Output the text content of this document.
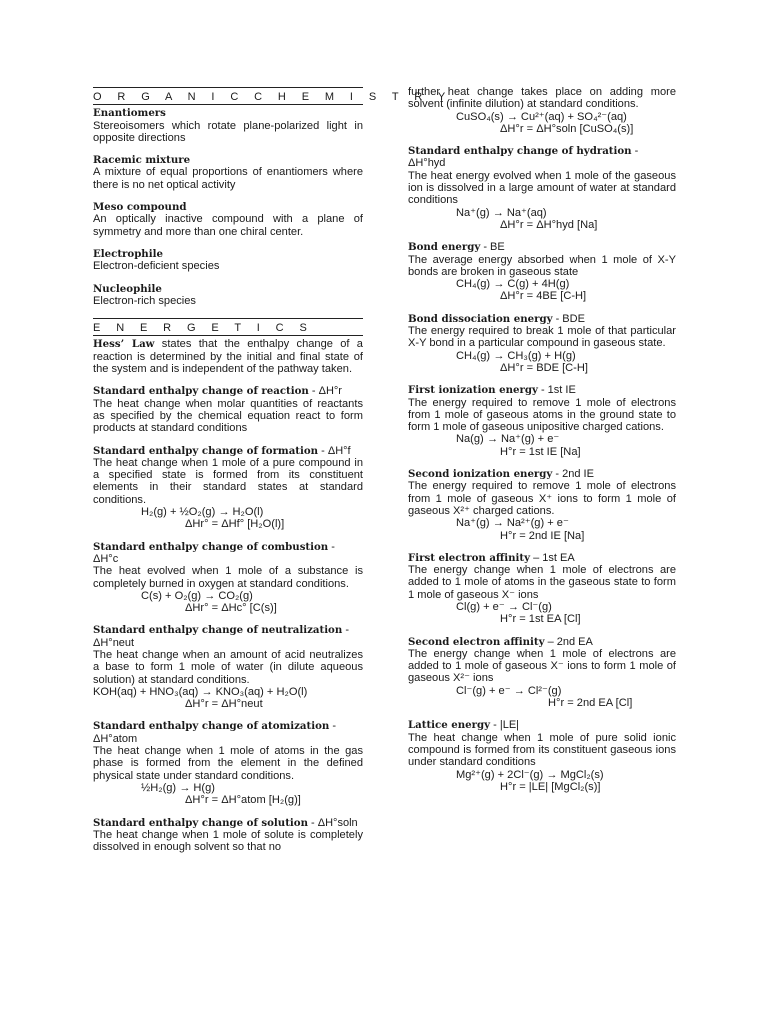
O R G A N I C C H E M I S T R Y
Enantiomers
Stereoisomers which rotate plane-polarized light in opposite directions
Racemic mixture
A mixture of equal proportions of enantiomers where there is no net optical activity
Meso compound
An optically inactive compound with a plane of symmetry and more than one chiral center.
Electrophile
Electron-deficient species
Nucleophile
Electron-rich species
E N E R G E T I C S
Hess’ Law states that the enthalpy change of a reaction is determined by the initial and final state of the system and is independent of the pathway taken.
Standard enthalpy change of reaction - ΔH°r
The heat change when molar quantities of reactants as specified by the chemical equation react to form products at standard conditions
Standard enthalpy change of formation - ΔH°f
The heat change when 1 mole of a pure compound in a specified state is formed from its constituent elements in their standard states at standard conditions.
H₂(g) + ½O₂(g) → H₂O(l)
ΔHr° = ΔHf° [H₂O(l)]
Standard enthalpy change of combustion - ΔH°c
The heat evolved when 1 mole of a substance is completely burned in oxygen at standard conditions.
C(s) + O₂(g) → CO₂(g)
ΔHr° = ΔHc° [C(s)]
Standard enthalpy change of neutralization - ΔH°neut
The heat change when an amount of acid neutralizes a base to form 1 mole of water (in dilute aqueous solution) at standard conditions.
KOH(aq) + HNO₃(aq) → KNO₃(aq) + H₂O(l)
ΔH°r = ΔH°neut
Standard enthalpy change of atomization - ΔH°atom
The heat change when 1 mole of atoms in the gas phase is formed from the element in the defined physical state under standard conditions.
½H₂(g) → H(g)
ΔH°r = ΔH°atom [H₂(g)]
Standard enthalpy change of solution - ΔH°soln
The heat change when 1 mole of solute is completely dissolved in enough solvent so that no
further heat change takes place on adding more solvent (infinite dilution) at standard conditions.
CuSO₄(s) → Cu²⁺(aq) + SO₄²⁻(aq)
ΔH°r = ΔH°soln [CuSO₄(s)]
Standard enthalpy change of hydration - ΔH°hyd
The heat energy evolved when 1 mole of the gaseous ion is dissolved in a large amount of water at standard conditions
Na⁺(g) → Na⁺(aq)
ΔH°r = ΔH°hyd [Na]
Bond energy - BE
The average energy absorbed when 1 mole of X-Y bonds are broken in gaseous state
CH₄(g) → C(g) + 4H(g)
ΔH°r = 4BE [C-H]
Bond dissociation energy - BDE
The energy required to break 1 mole of that particular X-Y bond in a particular compound in gaseous state.
CH₄(g) → CH₃(g) + H(g)
ΔH°r = BDE [C-H]
First ionization energy - 1st IE
The energy required to remove 1 mole of electrons from 1 mole of gaseous atoms in the ground state to form 1 mole of gaseous unipositive charged cations.
Na(g) → Na⁺(g) + e⁻
H°r = 1st IE [Na]
Second ionization energy - 2nd IE
The energy required to remove 1 mole of electrons from 1 mole of gaseous X⁺ ions to form 1 mole of gaseous X²⁺ charged cations.
Na⁺(g) → Na²⁺(g) + e⁻
H°r = 2nd IE [Na]
First electron affinity – 1st EA
The energy change when 1 mole of electrons are added to 1 mole of atoms in the gaseous state to form 1 mole of gaseous X⁻ ions
Cl(g) + e⁻ → Cl⁻(g)
H°r = 1st EA [Cl]
Second electron affinity – 2nd EA
The energy change when 1 mole of electrons are added to 1 mole of gaseous X⁻ ions to form 1 mole of gaseous X²⁻ ions
Cl⁻(g) + e⁻ → Cl²⁻(g)
H°r = 2nd EA [Cl]
Lattice energy - |LE|
The heat change when 1 mole of pure solid ionic compound is formed from its constituent gaseous ions under standard conditions
Mg²⁺(g) + 2Cl⁻(g) → MgCl₂(s)
H°r = |LE| [MgCl₂(s)]
